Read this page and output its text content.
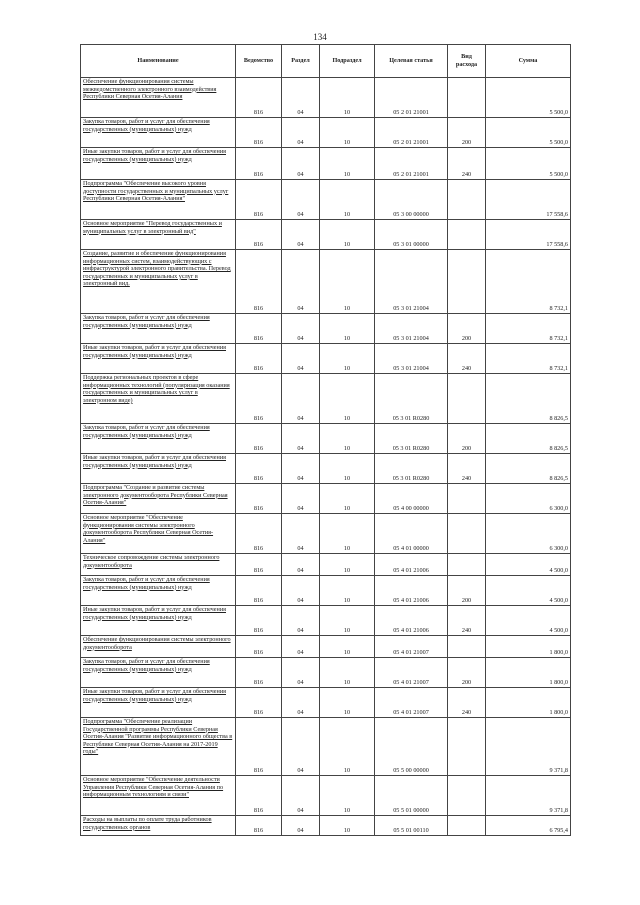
134
Наименование	Ведомство	Раздел	Подраздел	Целевая статья	Вид расхода	Сумма
Обеспечение функционирования системы межведомственного электронного взаимодействия Республики Северная Осетия-Алания	816	04	10	05 2 01 21001		5 500,0
Закупка товаров, работ и услуг для обеспечения государственных (муниципальных) нужд	816	04	10	05 2 01 21001	200	5 500,0
Иные закупки товаров, работ и услуг для обеспечения государственных (муниципальных) нужд	816	04	10	05 2 01 21001	240	5 500,0
Подпрограмма "Обеспечение высокого уровня доступности государственных и муниципальных услуг Республики Северная Осетия-Алания"	816	04	10	05 3 00 00000		17 558,6
Основное мероприятие "Перевод государственных и муниципальных услуг в электронный вид"	816	04	10	05 3 01 00000		17 558,6
Создание, развитие и обеспечение функционирования информационных систем, взаимодействующих с инфраструктурой электронного правительства. Перевод государственных и муниципальных услуг в электронный вид.	816	04	10	05 3 01 21004		8 732,1
Закупка товаров, работ и услуг для обеспечения государственных (муниципальных) нужд	816	04	10	05 3 01 21004	200	8 732,1
Иные закупки товаров, работ и услуг для обеспечения государственных (муниципальных) нужд	816	04	10	05 3 01 21004	240	8 732,1
Поддержка региональных проектов в сфере информационных технологий (популяризация оказания государственных и муниципальных услуг в электронном виде)	816	04	10	05 3 01 R0280		8 826,5
Закупка товаров, работ и услуг для обеспечения государственных (муниципальных) нужд	816	04	10	05 3 01 R0280	200	8 826,5
Иные закупки товаров, работ и услуг для обеспечения государственных (муниципальных) нужд	816	04	10	05 3 01 R0280	240	8 826,5
Подпрограмма "Создание и развитие системы электронного документооборота Республики Северная Осетия-Алания"	816	04	10	05 4 00 00000		6 300,0
Основное мероприятие "Обеспечение функционирования системы электронного документооборота Республики Северная Осетия-Алания"	816	04	10	05 4 01 00000		6 300,0
Техническое сопровождение системы электронного документооборота	816	04	10	05 4 01 21006		4 500,0
Закупка товаров, работ и услуг для обеспечения государственных (муниципальных) нужд	816	04	10	05 4 01 21006	200	4 500,0
Иные закупки товаров, работ и услуг для обеспечения государственных (муниципальных) нужд	816	04	10	05 4 01 21006	240	4 500,0
Обеспечение функционирования системы электронного документооборота	816	04	10	05 4 01 21007		1 800,0
Закупка товаров, работ и услуг для обеспечения государственных (муниципальных) нужд	816	04	10	05 4 01 21007	200	1 800,0
Иные закупки товаров, работ и услуг для обеспечения государственных (муниципальных) нужд	816	04	10	05 4 01 21007	240	1 800,0
Подпрограмма "Обеспечение реализации Государственной программы Республики Северная Осетия-Алания "Развитие информационного общества в Республике Северная Осетия-Алания на 2017-2019 годы"	816	04	10	05 5 00 00000		9 371,8
Основное мероприятие "Обеспечение деятельности Управления Республики Северная Осетия-Алания по информационным технологиям и связи"	816	04	10	05 5 01 00000		9 371,8
Расходы на выплаты по оплате труда работников государственных органов	816	04	10	05 5 01 00110		6 795,4
